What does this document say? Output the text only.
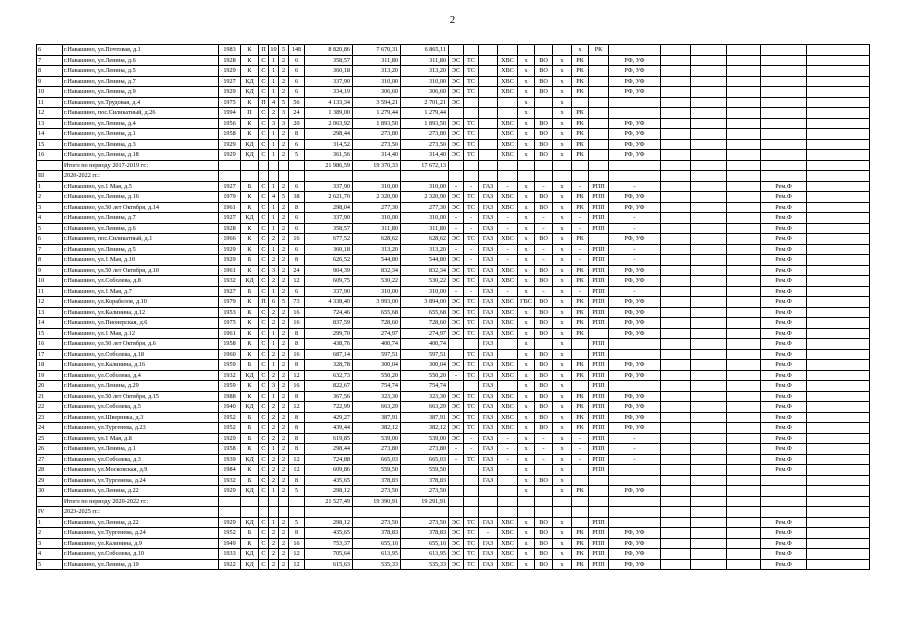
2
6	г.Навашино, ул.Почтовая, д.1	1983	К	П	10	5	148	8 820,86	7 670,31	6 865,11								x	РК						
7	г.Навашино, ул.Ленина, д.6	1928	К	С	1	2	6	358,57	311,80	311,80	ЭС	ТС		ХВС	х	ВО	х	РК		РФ, УФ					
8	г.Навашино, ул.Ленина, д.5	1929	К	С	1	2	6	360,18	313,20	313,20	ЭС	ТС		ХВС	х	ВО	х	РК		РФ, УФ					
9	г.Навашино, ул.Ленина, д.7	1927	КД	С	1	2	6	337,90	310,00	310,00	ЭС	ТС		ХВС	х	ВО	х	РК		РФ, УФ					
10	г.Навашино, ул.Ленина, д.9	1929	КД	С	1	2	6	334,19	306,60	306,60	ЭС	ТС		ХВС	х	ВО	х	РК		РФ, УФ					
11	г.Навашино, ул.Трудовая, д.4	1975	К	П	4	5	56	4 133,34	3 594,21	2 701,21	ЭС				х		х								
12	г.Навашино, пос.Силикатный, д.26	1994	П	С	2	3	24	1 389,00	1 279,44	1 279,44					х		х	РК							
13	г.Навашино, ул.Ленина, д.4	1956	К	С	3	3	20	2 063,92	1 893,50	1 893,50	ЭС	ТС		ХВС	х	ВО	х	РК		РФ, УФ					
14	г.Навашино, ул.Ленина, д.1	1958	К	С	1	2	8	298,44	273,80	273,80	ЭС	ТС		ХВС	х	ВО	х	РК		РФ, УФ					
15	г.Навашино, ул.Ленина, д.3	1929	КД	С	1	2	6	314,52	273,50	273,50	ЭС	ТС		ХВС	х	ВО	х	РК		РФ, УФ					
16	г.Навашино, ул.Ленина, д.18	1929	КД	С	1	2	5	361,56	314,40	314,40	ЭС	ТС		ХВС	х	ВО	х	РК		РФ, УФ					
	Итого по периоду 2017-2019 гг.:							21 986,59	19 370,33	17 672,13															
III	2020-2022 гг.:																								
1	г.Навашино, ул.1 Мая, д.5	1927	Б	С	1	2	6	337,90	310,00	310,00	-	-	ГАЗ	-	х	-	х	-	РПП	-				Рем.Ф	
2	г.Навашино, ул.Ленина, д.16	1979	К	С	4	5	38	2 621,70	2 320,90	2 320,90	ЭС	ТС	ГАЗ	ХВС	х	ВО	х	РК	РПП	РФ, УФ				Рем.Ф	
3	г.Навашино, ул.50 лет Октября, д.14	1961	К	С	1	2	8	298,04	277,30	277,30	ЭС	ТС	ГАЗ	ХВС	х	ВО	х	РК	РПП	РФ, УФ				Рем.Ф	
4	г.Навашино, ул.Ленина, д.7	1927	КД	С	1	2	6	337,90	310,00	310,00	-	-	ГАЗ	-	х	-	х	-	РПП	-				Рем.Ф	
5	г.Навашино, ул.Ленина, д.6	1928	К	С	1	2	6	358,57	311,80	311,80	-	-	ГАЗ	-	х	-	х	-	РПП	-				Рем.Ф	
6	г.Навашино, пос.Силикатный, д.1	1966	К	С	2	2	16	677,52	628,62	628,62	ЭС	ТС	ГАЗ	ХВС	х	ВО	х	РК		РФ, УФ				Рем.Ф	
7	г.Навашино, ул.Ленина, д.5	1929	К	С	1	2	6	360,18	313,20	313,20	-	-	ГАЗ	-	х	-	х	-	РПП	-				Рем.Ф	
8	г.Навашино, ул.1 Мая, д.10	1929	Б	С	2	2	8	626,52	544,80	544,80	ЭС	-	ГАЗ	-	х	-	х	-	РПП	-				Рем.Ф	
9	г.Навашино, ул.50 лет Октября, д.10	1961	К	С	3	2	24	904,39	832,34	832,34	ЭС	ТС	ГАЗ	ХВС	х	ВО	х	РК	РПП	РФ, УФ				Рем.Ф	
10	г.Навашино, ул.Соболева, д.8	1932	КД	С	2	2	12	609,75	530,22	530,22	ЭС	ТС	ГАЗ	ХВС	х	ВО	х	РК	РПП	РФ, УФ				Рем.Ф	
11	г.Навашино, ул.1 Мая, д.7	1927	Б	С	1	2	6	337,90	310,00	310,00	-	-	ГАЗ	-	х	-	х	-	РПП	-				Рем.Ф	
12	г.Навашино, ул.Корабелов, д.10	1979	К	П	6	5	73	4 338,40	3 993,00	3 894,00	ЭС	ТС	ГАЗ	ХВС	ГВС	ВО	х	РК	РПП	РФ, УФ				Рем.Ф	
13	г.Навашино, ул.Калинина, д.12	1953	К	С	2	2	16	724,46	655,68	655,68	ЭС	ТС	ГАЗ	ХВС	х	ВО	х	РК	РПП	РФ, УФ				Рем.Ф	
14	г.Навашино, ул.Пионерская, д.6	1975	К	С	2	2	16	837,59	728,60	728,60	ЭС	ТС	ГАЗ	ХВС	х	ВО	х	РК	РПП	РФ, УФ				Рем.Ф	
15	г.Навашино, ул.1 Мая, д.12	1961	К	С	1	2	8	299,70	274,97	274,97	ЭС	ТС	ГАЗ	ХВС	х	ВО	х	РК		РФ, УФ				Рем.Ф	
16	г.Навашино, ул.50 лет Октября, д.6	1958	К	С	1	2	8	438,76	400,74	400,74			ГАЗ		х		х		РПП					Рем.Ф	
17	г.Навашино, ул.Соболева, д.18	1960	К	С	2	2	16	687,14	597,51	597,51		ТС	ГАЗ		х	ВО	х		РПП					Рем.Ф	
18	г.Навашино, ул.Калинина, д.16	1959	Б	С	1	2	8	328,78	300,04	300,04	ЭС	ТС	ГАЗ	ХВС	х	ВО	х	РК	РПП	РФ, УФ				Рем.Ф	
19	г.Навашино, ул.Соболева, д.4	1932	КД	С	2	2	12	632,73	550,20	550,20	-	ТС	ГАЗ	ХВС	х	ВО	х	РК	РПП	РФ, УФ				Рем.Ф	
20	г.Навашино, ул.Ленина, д.29	1959	К	С	3	2	16	822,67	754,74	754,74			ГАЗ		х	ВО	х		РПП					Рем.Ф	
21	г.Навашино, ул.50 лет Октября, д.15	1988	К	С	1	2	8	367,56	323,30	323,30	ЭС	ТС	ГАЗ	ХВС	х	ВО	х	РК	РПП	РФ, УФ				Рем.Ф	
22	г.Навашино, ул.Соболева, д.5	1940	КД	С	2	2	12	722,99	663,29	663,29	ЭС	ТС	ГАЗ	ХВС	х	ВО	х	РК	РПП	РФ, УФ				Рем.Ф	
23	г.Навашино, ул.Шверника, д.3	1952	Б	С	2	2	8	429,27	387,91	387,91	ЭС	ТС	ГАЗ	ХВС	х	ВО	х	РК	РПП	РФ, УФ				Рем.Ф	
24	г.Навашино, ул.Тургенева, д.23	1952	Б	С	2	2	8	439,44	382,12	382,12	ЭС	ТС	ГАЗ	ХВС	х	ВО	х	РК	РПП	РФ, УФ				Рем.Ф	
25	г.Навашино, ул.1 Мая, д.8	1929	Б	С	2	2	8	619,85	539,00	539,00	ЭС	-	ГАЗ	-	х	-	х	-	РПП	-				Рем.Ф	
26	г.Навашино, ул.Ленина, д.1	1958	К	С	1	2	8	298,44	273,80	273,80	-	-	ГАЗ	-	х	-	х	-	РПП	-				Рем.Ф	
27	г.Навашино, ул.Соболева, д.3	1939	КД	С	2	2	12	724,88	665,03	665,03	-	ТС	ГАЗ	-	х	-	х	-	РПП	-				Рем.Ф	
28	г.Навашино, ул.Московская, д.9	1984	К	С	2	2	12	609,86	559,50	559,50			ГАЗ		х		х		РПП					Рем.Ф	
29	г.Навашино, ул.Тургенева, д.24	1932	Б	С	2	2	8	435,65	378,83	378,83			ГАЗ		х	ВО	х								
30	г.Навашино, ул.Ленина, д.22	1929	КД	С	1	2	5	298,12	273,50	273,50					х		х	РК		РФ, УФ					
	Итого по периоду 2020-2022 гг.:							21 527,49	19 390,91	19 291,91															
IV	2023-2025 гг.:																								
1	г.Навашино, ул.Ленина, д.22	1929	КД	С	1	2	5	298,12	273,50	273,50	ЭС	ТС	ГАЗ	ХВС	х	ВО	х		РПП					Рем.Ф	
2	г.Навашино, ул.Тургенева, д.24	1952	Б	С	2	2	8	435,65	378,83	378,83	ЭС	ТС	-	ХВС	х	ВО	х	РК	РПП	РФ, УФ				Рем.Ф	
3	г.Навашино, ул.Калинина, д.9	1949	К	С	2	2	16	753,37	655,10	655,10	ЭС	ТС	ГАЗ	ХВС	х	ВО	х	РК	РПП	РФ, УФ				Рем.Ф	
4	г.Навашино, ул.Соболева, д.10	1933	КД	С	2	2	12	705,64	613,95	613,95	ЭС	ТС	ГАЗ	ХВС	х	ВО	х	РК	РПП	РФ, УФ				Рем.Ф	
5	г.Навашино, ул.Ленина, д.19	1922	КД	С	2	2	12	615,63	535,33	535,33	ЭС	ТС	ГАЗ	ХВС	х	ВО	х	РК	РПП	РФ, УФ				Рем.Ф	
